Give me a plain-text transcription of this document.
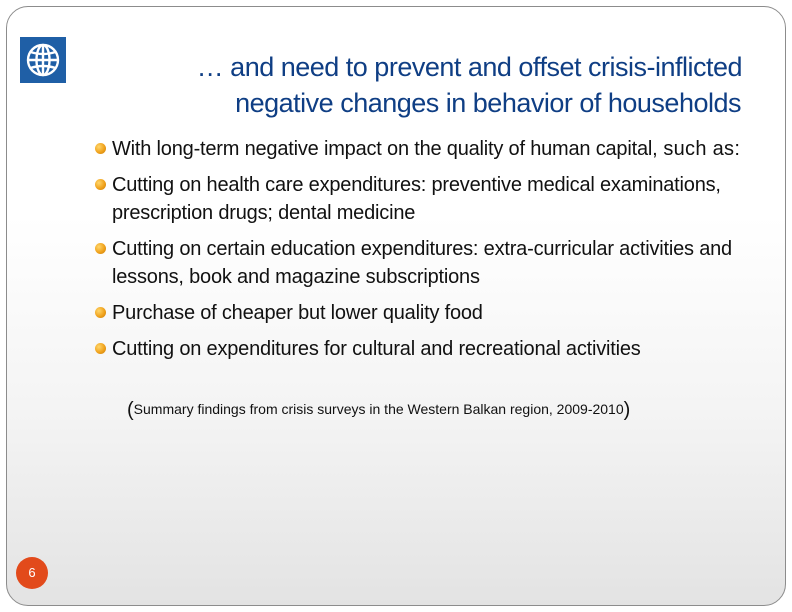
… and need to prevent and offset crisis-inflicted
negative changes in behavior of households
With long-term negative impact on the quality of human capital, such as:
Cutting on health care expenditures: preventive medical examinations, prescription drugs; dental medicine
Cutting on certain education expenditures: extra-curricular activities and lessons, book and magazine subscriptions
Purchase of cheaper but lower quality food
Cutting on expenditures for cultural and recreational activities
(Summary findings from crisis surveys in the Western Balkan region, 2009-2010)
6
